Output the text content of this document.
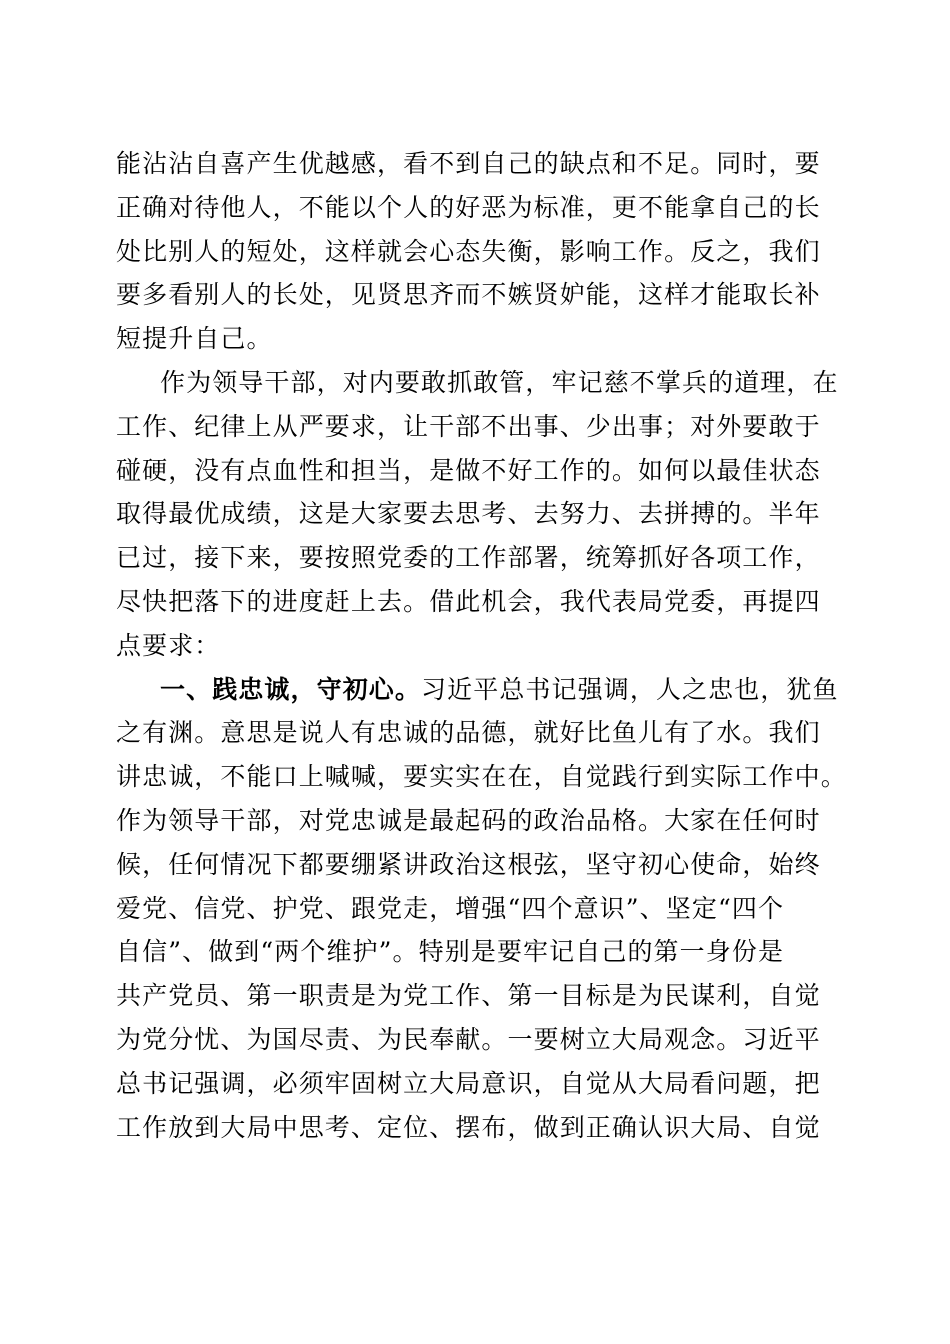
能沾沾自喜产生优越感，看不到自己的缺点和不足。同时，要
正确对待他人，不能以个人的好恶为标准，更不能拿自己的长
处比别人的短处，这样就会心态失衡，影响工作。反之，我们
要多看别人的长处，见贤思齐而不嫉贤妒能，这样才能取长补
短提升自己。
作为领导干部，对内要敢抓敢管，牢记慈不掌兵的道理，在
工作、纪律上从严要求，让干部不出事、少出事；对外要敢于
碰硬，没有点血性和担当，是做不好工作的。如何以最佳状态
取得最优成绩，这是大家要去思考、去努力、去拼搏的。半年
已过，接下来，要按照党委的工作部署，统筹抓好各项工作，
尽快把落下的进度赶上去。借此机会，我代表局党委，再提四
点要求：
一、践忠诚，守初心。习近平总书记强调，人之忠也，犹鱼
之有渊。意思是说人有忠诚的品德，就好比鱼儿有了水。我们
讲忠诚，不能口上喊喊，要实实在在，自觉践行到实际工作中。
作为领导干部，对党忠诚是最起码的政治品格。大家在任何时
候，任何情况下都要绷紧讲政治这根弦，坚守初心使命，始终
爱党、信党、护党、跟党走，增强“四个意识”、坚定“四个
自信”、做到“两个维护”。特别是要牢记自己的第一身份是
共产党员、第一职责是为党工作、第一目标是为民谋利，自觉
为党分忧、为国尽责、为民奉献。一要树立大局观念。习近平
总书记强调，必须牢固树立大局意识，自觉从大局看问题，把
工作放到大局中思考、定位、摆布，做到正确认识大局、自觉
